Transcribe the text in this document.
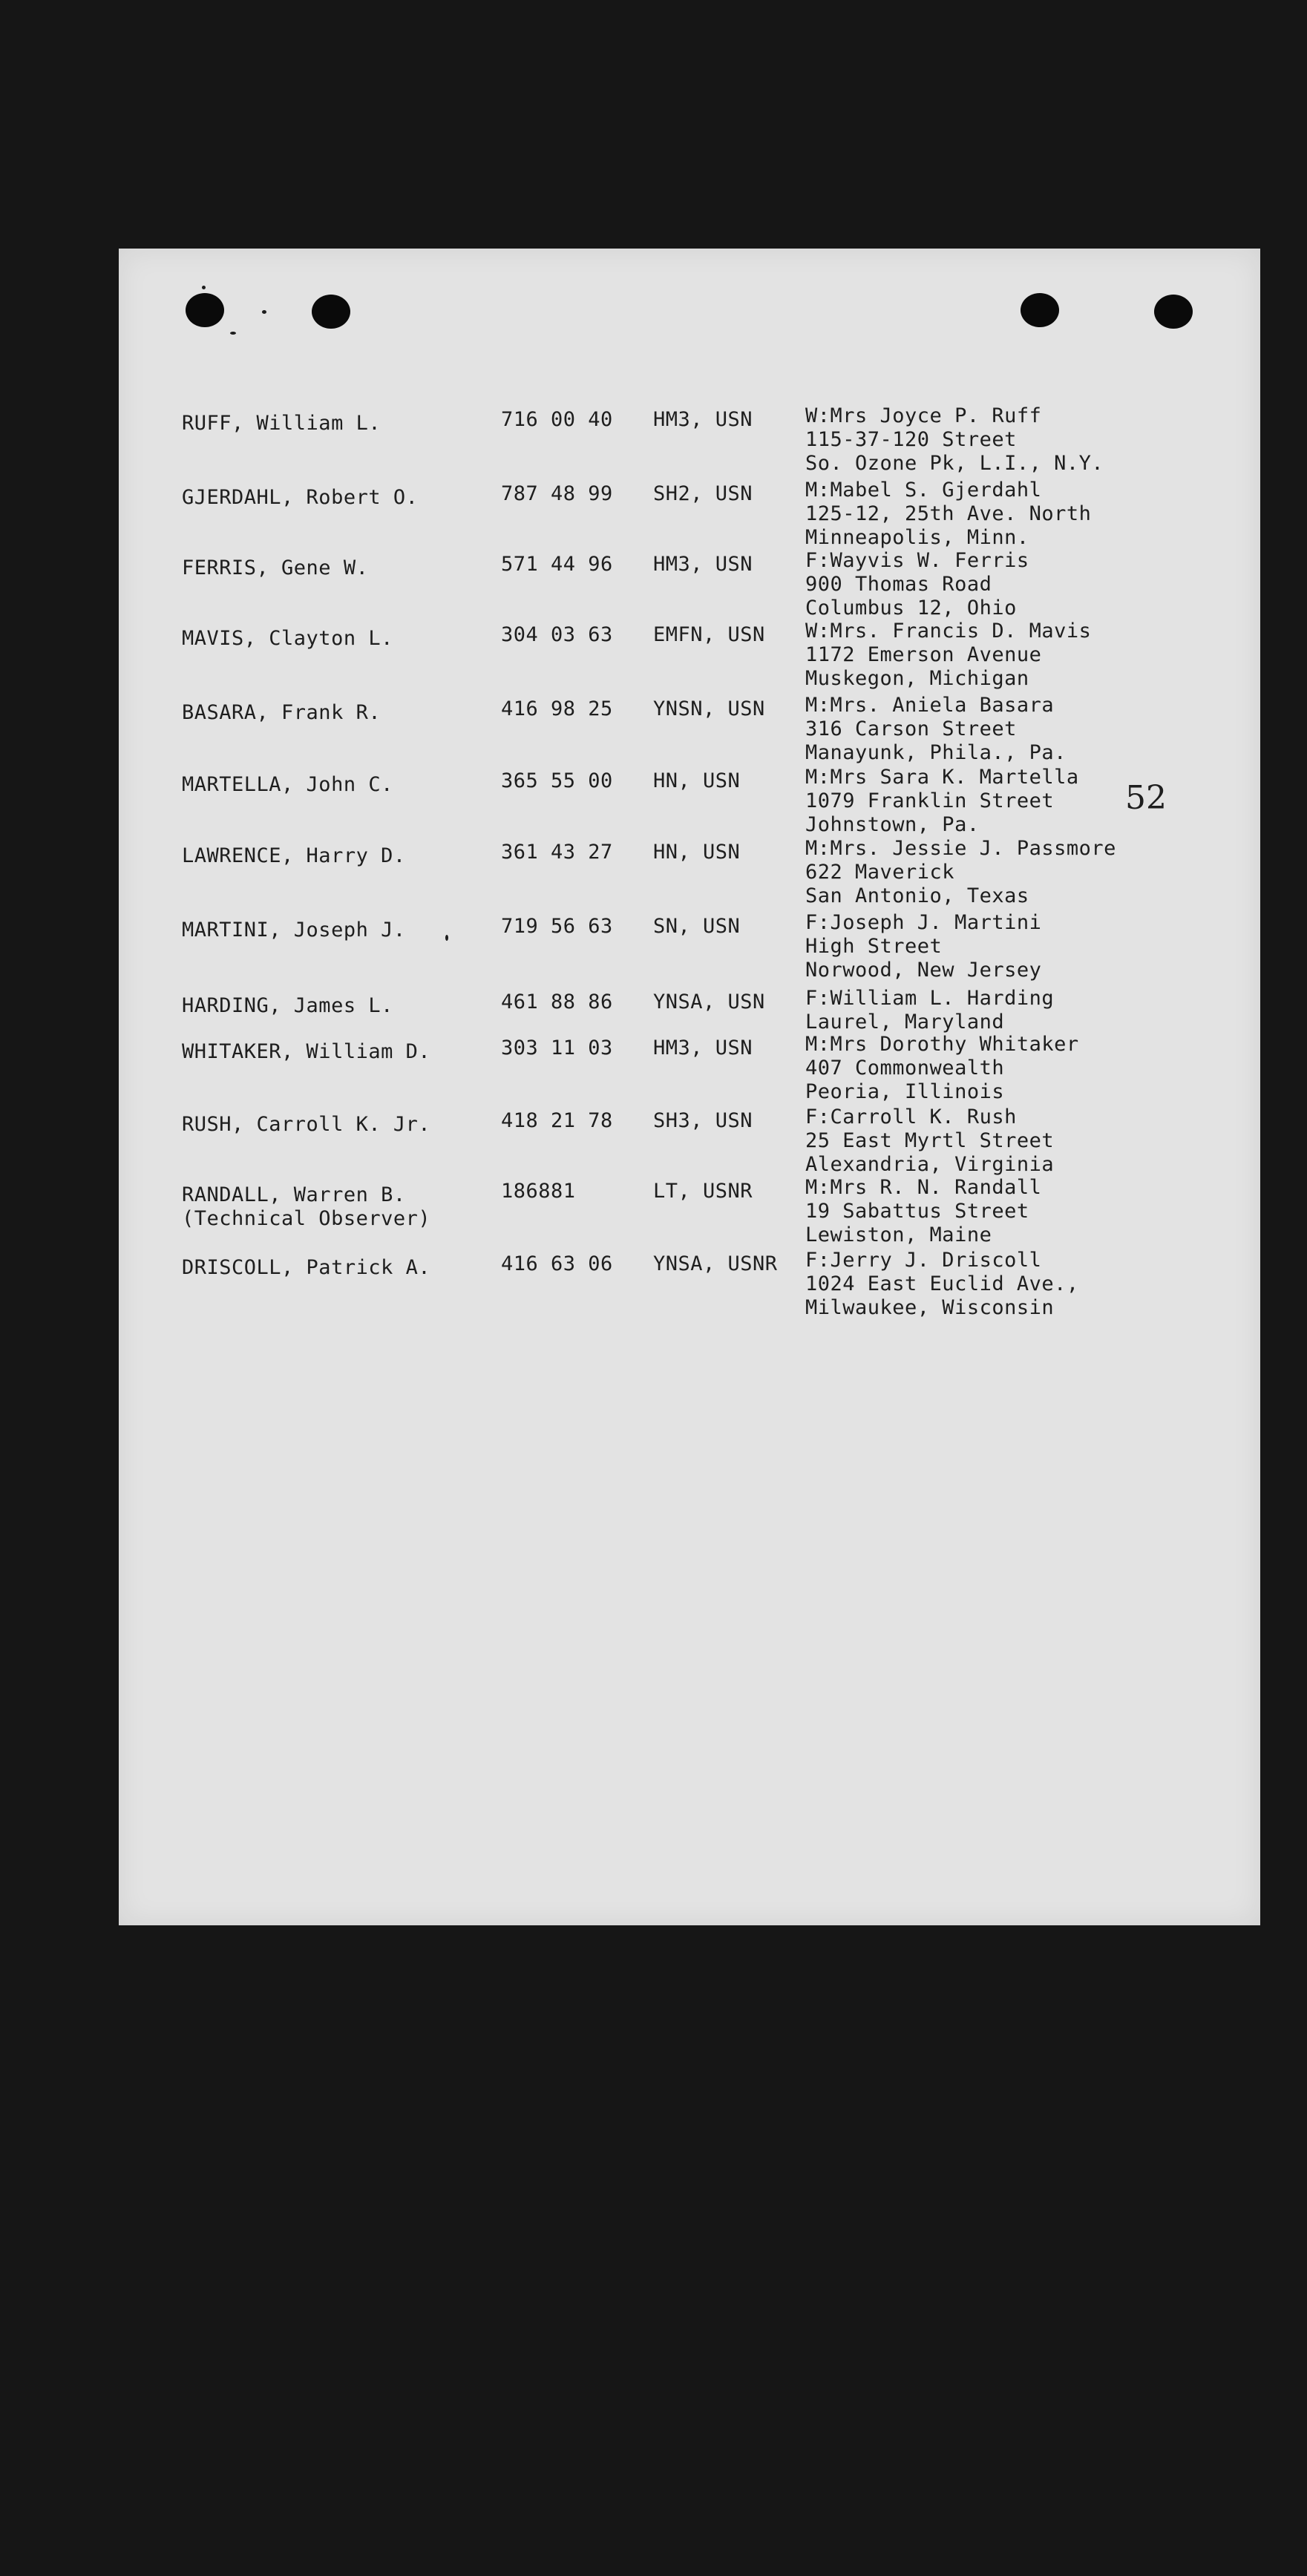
RUFF, William L.	716 00 40 HM3, USN	W:Mrs Joyce P. Ruff
115-37-120 Street
So. Ozone Pk, L.I., N.Y.
GJERDAHL, Robert O.	787 48 99 SH2, USN	M:Mabel S. Gjerdahl
125-12, 25th Ave. North
Minneapolis, Minn.
FERRIS, Gene W.	571 44 96 HM3, USN	F:Wayvis W. Ferris
900 Thomas Road
Columbus 12, Ohio
MAVIS, Clayton L.	304 03 63 EMFN, USN W:Mrs. Francis D. Mavis
1172 Emerson Avenue
Muskegon, Michigan
BASARA, Frank R.	416 98 25 YNSN, USN M:Mrs. Aniela Basara
316 Carson Street
Manayunk, Phila., Pa.
MARTELLA, John C.	365 55 00 HN, USN	M:Mrs Sara K. Martella
1079 Franklin Street
Johnstown, Pa.
LAWRENCE, Harry D.	361 43 27 HN, USN	M:Mrs. Jessie J. Passmore
622 Maverick
San Antonio, Texas
MARTINI, Joseph J.	719 56 63 SN, USN	F:Joseph J. Martini
High Street
Norwood, New Jersey
HARDING, James L.	461 88 86 YNSA, USN F:William L. Harding
Laurel, Maryland
WHITAKER, William D.	303 11 03 HM3, USN	M:Mrs Dorothy Whitaker
407 Commonwealth
Peoria, Illinois
RUSH, Carroll K. Jr.	418 21 78 SH3, USN	F:Carroll K. Rush
25 East Myrtl Street
Alexandria, Virginia
RANDALL, Warren B.
(Technical Observer)
186881	LT, USNR	M:Mrs R. N. Randall
19 Sabattus Street
Lewiston, Maine
DRISCOLL, Patrick A.	416 63 06 YNSA, USNR F:Jerry J. Driscoll
1024 East Euclid Ave.,
Milwaukee, Wisconsin
52
